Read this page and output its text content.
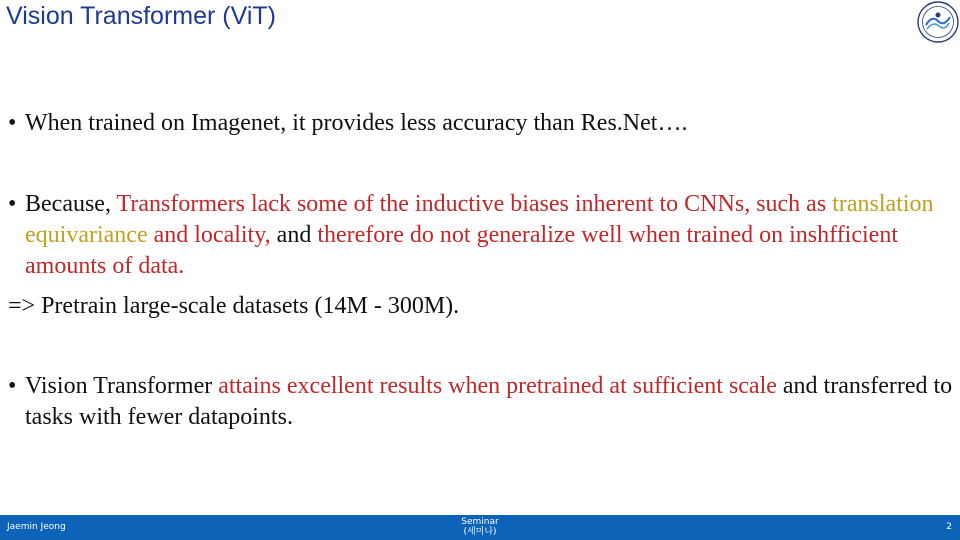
Vision Transformer (ViT)
• When trained on Imagenet, it provides less accuracy than Res.Net….
• Because, Transformers lack some of the inductive biases inherent to CNNs, such as translation equivariance and locality, and therefore do not generalize well when trained on inshfficient amounts of data.
=> Pretrain large-scale datasets (14M - 300M).
• Vision Transformer attains excellent results when pretrained at sufficient scale and transferred to tasks with fewer datapoints.
Jaemin Jeong	Seminar
(세미나)	2
